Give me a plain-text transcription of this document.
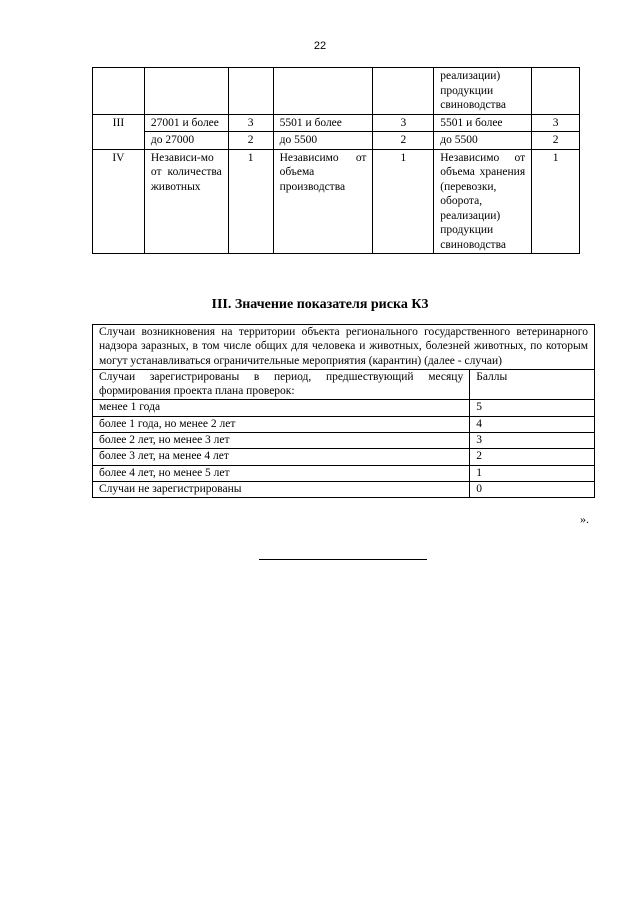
22
					реализации) продукции свиноводства	
III	27001 и более	3	5501 и более	3	5501 и более	3
	до 27000	2	до 5500	2	до 5500	2
IV	Независи-мо от количества животных	1	Независимо от объема производства	1	Независимо от объема хранения (перевозки, оборота, реализации) продукции свиноводства	1
III. Значение показателя риска К3
Случаи возникновения на территории объекта регионального государственного ветеринарного надзора заразных, в том числе общих для человека и животных, болезней животных, по которым могут устанавливаться ограничительные мероприятия (карантин) (далее - случаи)	
Случаи зарегистрированы в период, предшествующий месяцу формирования проекта плана проверок:	Баллы
менее 1 года	5
более 1 года, но менее 2 лет	4
более 2 лет, но менее 3 лет	3
более 3 лет, на менее 4 лет	2
более 4 лет, но менее 5 лет	1
Случаи не зарегистрированы	0
».
